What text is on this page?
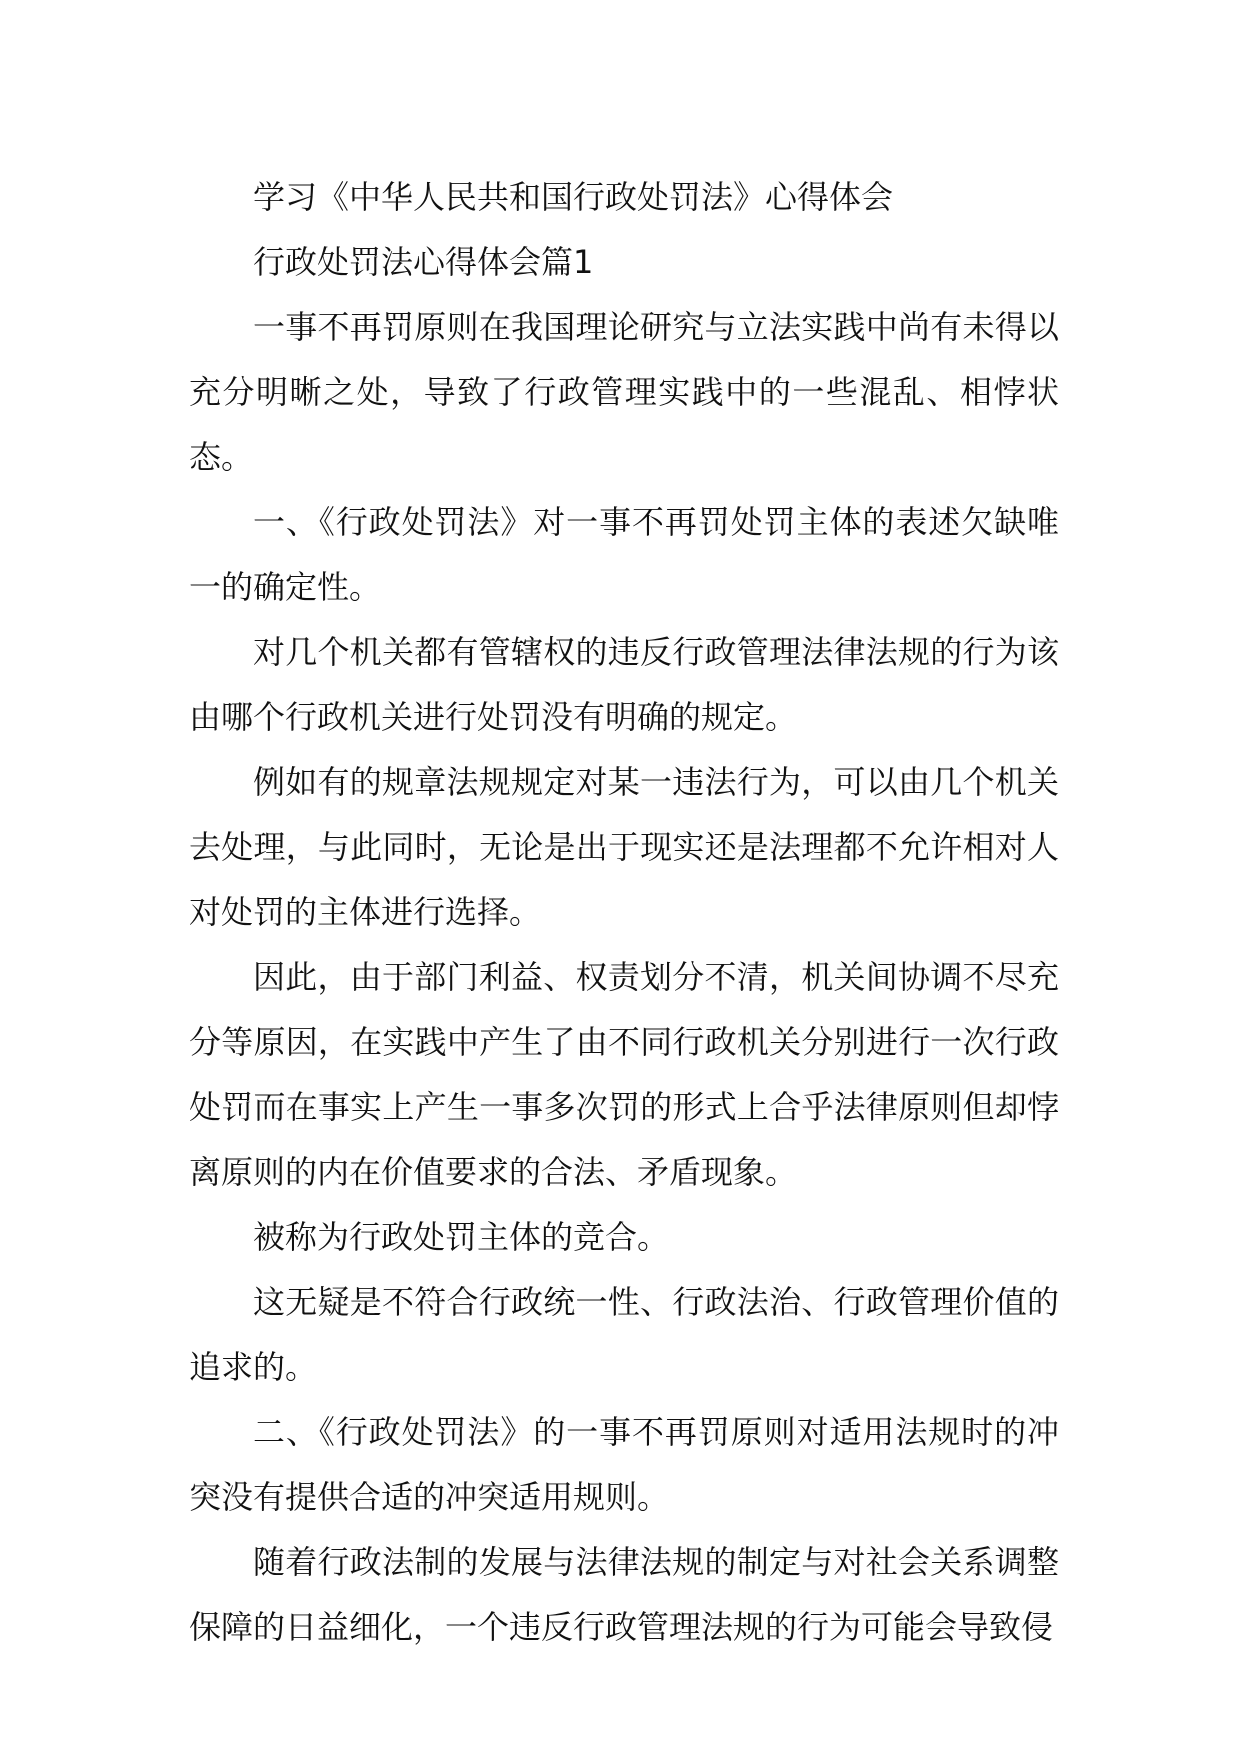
学习《中华人民共和国行政处罚法》心得体会

行政处罚法心得体会篇1

一事不再罚原则在我国理论研究与立法实践中尚有未得以充分明晰之处，导致了行政管理实践中的一些混乱、相悖状态。

一、《行政处罚法》对一事不再罚处罚主体的表述欠缺唯一的确定性。

对几个机关都有管辖权的违反行政管理法律法规的行为该由哪个行政机关进行处罚没有明确的规定。

例如有的规章法规规定对某一违法行为，可以由几个机关去处理，与此同时，无论是出于现实还是法理都不允许相对人对处罚的主体进行选择。

因此，由于部门利益、权责划分不清，机关间协调不尽充分等原因，在实践中产生了由不同行政机关分别进行一次行政处罚而在事实上产生一事多次罚的形式上合乎法律原则但却悖离原则的内在价值要求的合法、矛盾现象。

被称为行政处罚主体的竞合。

这无疑是不符合行政统一性、行政法治、行政管理价值的追求的。

二、《行政处罚法》的一事不再罚原则对适用法规时的冲突没有提供合适的冲突适用规则。

随着行政法制的发展与法律法规的制定与对社会关系调整保障的日益细化，一个违反行政管理法规的行为可能会导致侵
